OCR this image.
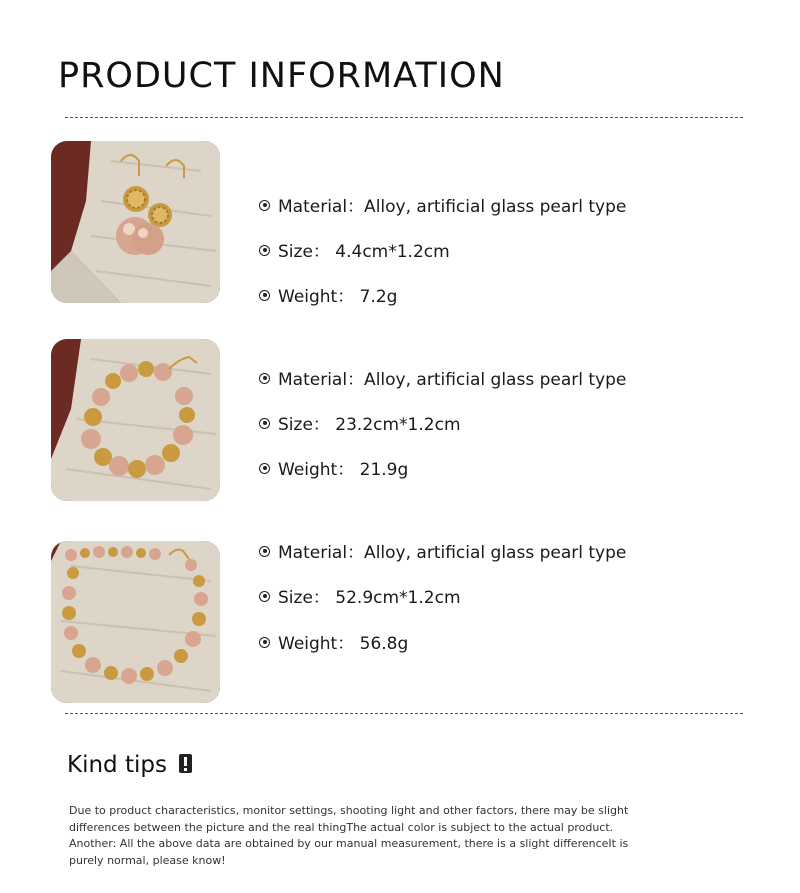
PRODUCT INFORMATION
Material：Alloy, artificial glass pearl type
Size： 4.4cm*1.2cm
Weight： 7.2g
Material：Alloy, artificial glass pearl type
Size： 23.2cm*1.2cm
Weight： 21.9g
Material：Alloy, artificial glass pearl type
Size： 52.9cm*1.2cm
Weight： 56.8g
Kind tips
Due to product characteristics, monitor settings, shooting light and other factors, there may be slight
differences between the picture and the real thingThe actual color is subject to the actual product.
Another: All the above data are obtained by our manual measurement, there is a slight differenceIt is
purely normal, please know!
